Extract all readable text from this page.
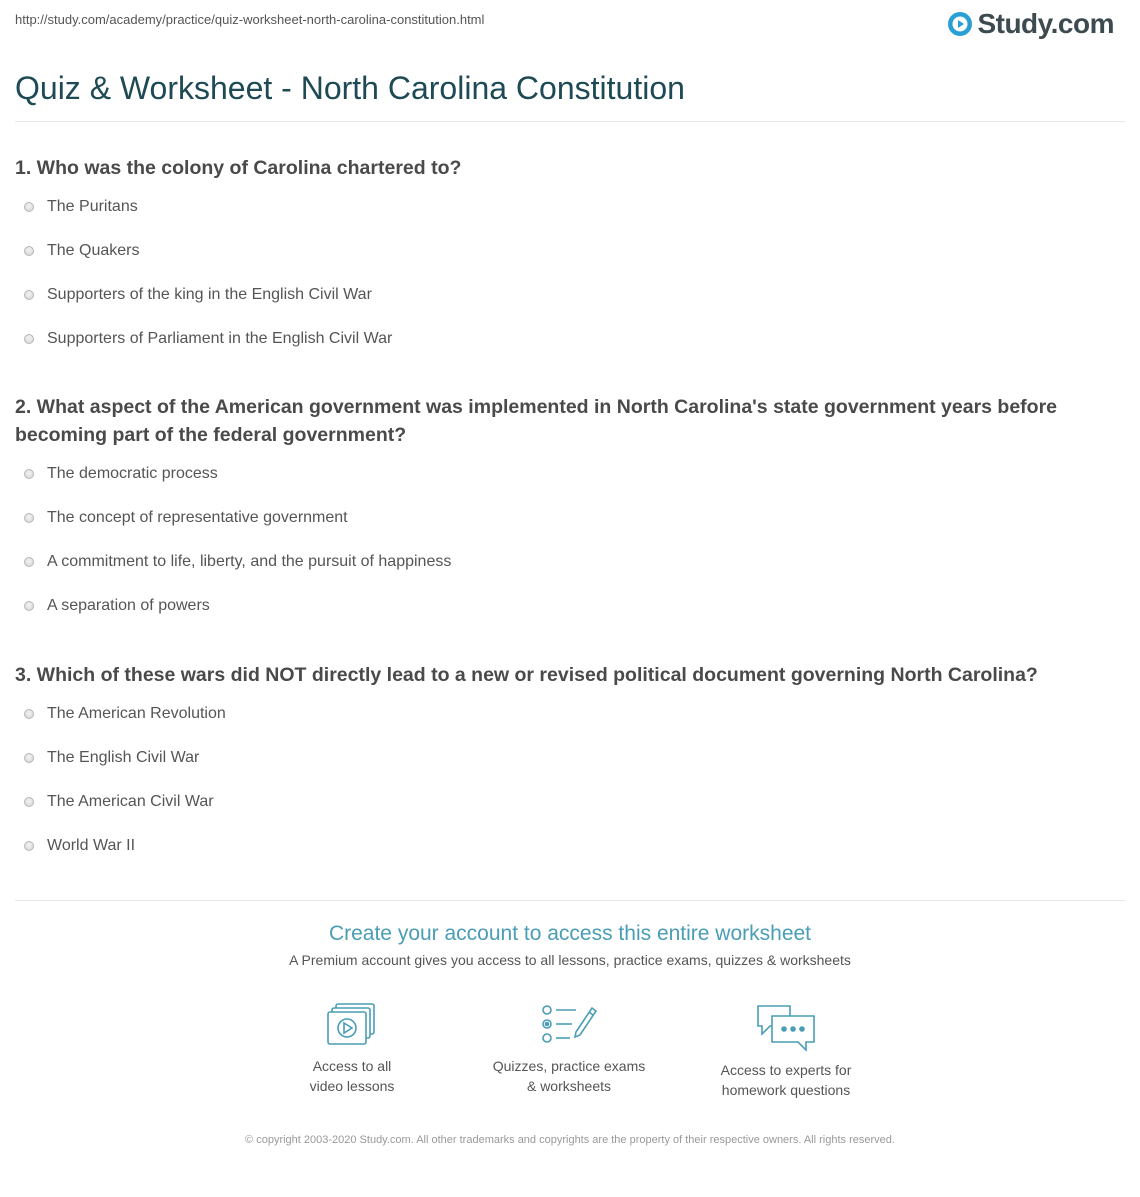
http://study.com/academy/practice/quiz-worksheet-north-carolina-constitution.html	Study.com
Quiz & Worksheet - North Carolina Constitution

1. Who was the colony of Carolina chartered to?

The Puritans
The Quakers
Supporters of the king in the English Civil War
Supporters of Parliament in the English Civil War

2. What aspect of the American government was implemented in North Carolina's state government years before becoming part of the federal government?

The democratic process
The concept of representative government
A commitment to life, liberty, and the pursuit of happiness
A separation of powers

3. Which of these wars did NOT directly lead to a new or revised political document governing North Carolina?

The American Revolution
The English Civil War
The American Civil War
World War II

Create your account to access this entire worksheet

A Premium account gives you access to all lessons, practice exams, quizzes & worksheets
Access to all
video lessons
Quizzes, practice exams
& worksheets
Access to experts for
homework questions
© copyright 2003-2020 Study.com. All other trademarks and copyrights are the property of their respective owners. All rights reserved.
